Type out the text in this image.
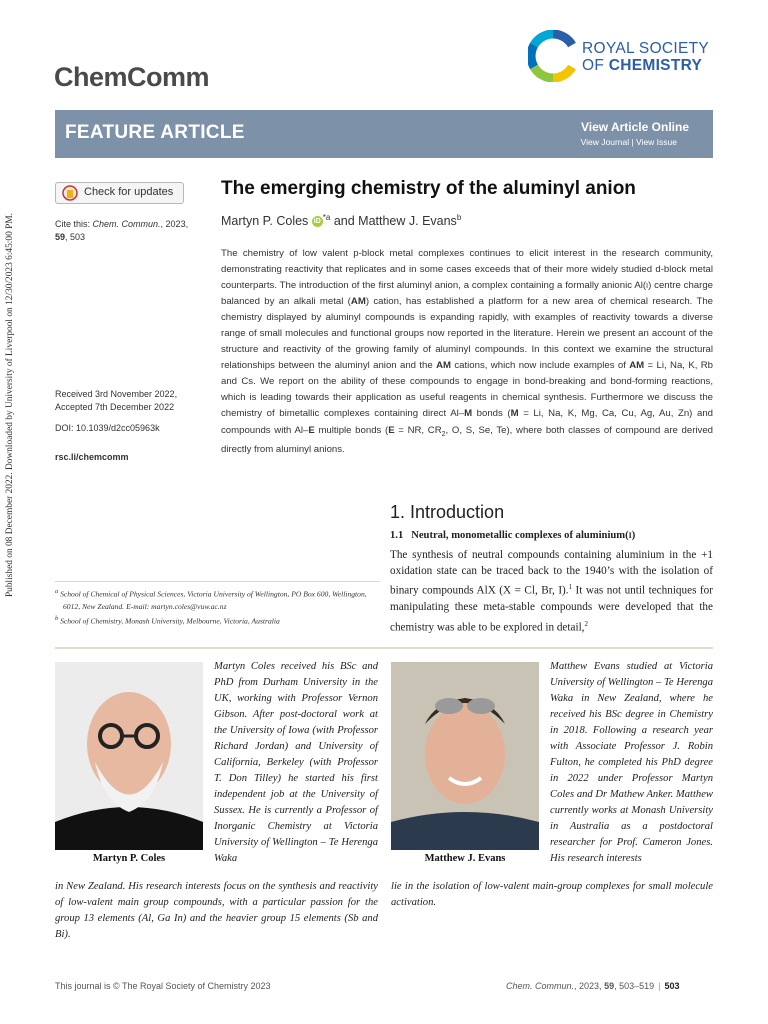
Published on 08 December 2022. Downloaded by University of Liverpool on 12/30/2023 6:45:00 PM.
ChemComm
ROYAL SOCIETY
OF CHEMISTRY
FEATURE ARTICLE	View Article Online
View Journal | View Issue
Check for updates	The emerging chemistry of the aluminyl anion
Martyn P. Coles iD $^{*a}$ and Matthew J. Evans$^b$
Cite this: Chem. Commun., 2023,
59, 503
The chemistry of low valent p-block metal complexes continues to elicit interest in the research community, demonstrating reactivity that replicates and in some cases exceeds that of their more widely studied d-block metal counterparts. The introduction of the first aluminyl anion, a complex containing a formally anionic Al(I) centre charge balanced by an alkali metal (AM) cation, has established a platform for a new area of chemical research. The chemistry displayed by aluminyl compounds is expanding rapidly, with examples of reactivity towards a diverse range of small molecules and functional groups now reported in the literature. Herein we present an account of the structure and reactivity of the growing family of aluminyl compounds. In this context we examine the structural relationships between the aluminyl anion and the AM cations, which now include examples of AM = Li, Na, K, Rb and Cs. We report on the ability of these compounds to engage in bond-breaking and bond-forming reactions, which is leading towards their application as useful reagents in chemical synthesis. Furthermore we discuss the chemistry of bimetallic complexes containing direct Al–M bonds (M = Li, Na, K, Mg, Ca, Cu, Ag, Au, Zn) and compounds with Al–E multiple bonds (E = NR, $CR_2$, O, S, Se, Te), where both classes of compound are derived directly from aluminyl anions.
Received 3rd November 2022,
Accepted 7th December 2022
DOI: 10.1039/d2cc05963k
rsc.li/chemcomm
$^a$ School of Chemical of Physical Sciences, Victoria University of Wellington, PO Box 600, Wellington, 6012, New Zealand. E-mail: martyn.coles@vuw.ac.nz
$^b$ School of Chemistry, Monash University, Melbourne, Victoria, Australia
1. Introduction
1.1 Neutral, monometallic complexes of aluminium(I)
The synthesis of neutral compounds containing aluminium in the +1 oxidation state can be traced back to the 1940’s with the isolation of binary compounds AlX (X = Cl, Br, I).$^1$ It was not until techniques for manipulating these meta-stable compounds were developed that the chemistry was able to be explored in detail,$^2$
Martyn P. Coles
Martyn Coles received his BSc and PhD from Durham University in the UK, working with Professor Vernon Gibson. After post-doctoral work at the University of Iowa (with Professor Richard Jordan) and University of California, Berkeley (with Professor T. Don Tilley) he started his first independent job at the University of Sussex. He is currently a Professor of Inorganic Chemistry at Victoria University of Wellington – Te Herenga Waka
in New Zealand. His research interests focus on the synthesis and reactivity of low-valent main group compounds, with a particular passion for the group 13 elements (Al, Ga In) and the heavier group 15 elements (Sb and Bi).
Matthew J. Evans
Matthew Evans studied at Victoria University of Wellington – Te Herenga Waka in New Zealand, where he received his BSc degree in Chemistry in 2018. Following a research year with Associate Professor J. Robin Fulton, he completed his PhD degree in 2022 under Professor Martyn Coles and Dr Mathew Anker. Matthew currently works at Monash University in Australia as a postdoctoral researcher for Prof. Cameron Jones. His research interests
lie in the isolation of low-valent main-group complexes for small molecule activation.
This journal is © The Royal Society of Chemistry 2023	Chem. Commun., 2023, 59, 503–519 | 503
